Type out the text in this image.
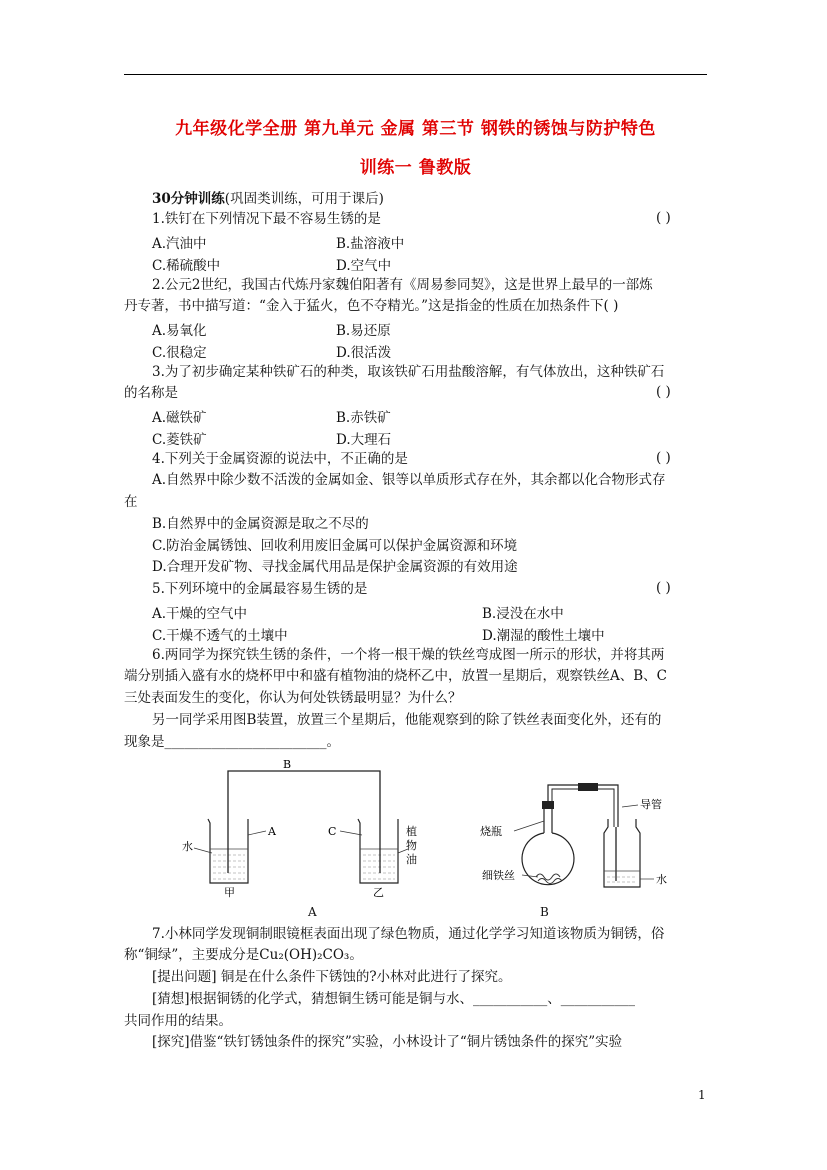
九年级化学全册 第九单元 金属 第三节 钢铁的锈蚀与防护特色
训练一 鲁教版
30分钟训练(巩固类训练，可用于课后)
1.铁钉在下列情况下最不容易生锈的是	( )
A.汽油中	B.盐溶液中
C.稀硫酸中	D.空气中
2.公元2世纪，我国古代炼丹家魏伯阳著有《周易参同契》，这是世界上最早的一部炼
丹专著，书中描写道：“金入于猛火，色不夺精光。”这是指金的性质在加热条件下( )
A.易氧化	B.易还原
C.很稳定	D.很活泼
3.为了初步确定某种铁矿石的种类，取该铁矿石用盐酸溶解，有气体放出，这种铁矿石
的名称是	( )
A.磁铁矿	B.赤铁矿
C.菱铁矿	D.大理石
4.下列关于金属资源的说法中，不正确的是	( )
A.自然界中除少数不活泼的金属如金、银等以单质形式存在外，其余都以化合物形式存
在
B.自然界中的金属资源是取之不尽的
C.防治金属锈蚀、回收利用废旧金属可以保护金属资源和环境
D.合理开发矿物、寻找金属代用品是保护金属资源的有效用途
5.下列环境中的金属最容易生锈的是	( )
A.干燥的空气中	B.浸没在水中
C.干燥不透气的土壤中	D.潮湿的酸性土壤中
6.两同学为探究铁生锈的条件，一个将一根干燥的铁丝弯成图一所示的形状，并将其两
端分别插入盛有水的烧杯甲中和盛有植物油的烧杯乙中，放置一星期后，观察铁丝A、B、C
三处表面发生的变化，你认为何处铁锈最明显？为什么？
另一同学采用图B装置，放置三个星期后，他能观察到的除了铁丝表面变化外，还有的
现象是________________________。
B
A
水
甲
C	植
物
油
乙
A
烧瓶
导管
细铁丝	水
B
7.小林同学发现铜制眼镜框表面出现了绿色物质，通过化学学习知道该物质为铜锈，俗
称“铜绿”，主要成分是Cu₂(OH)₂CO₃。
[提出问题] 铜是在什么条件下锈蚀的?小林对此进行了探究。
[猜想]根据铜锈的化学式，猜想铜生锈可能是铜与水、___________、___________
共同作用的结果。
[探究]借鉴“铁钉锈蚀条件的探究”实验，小林设计了“铜片锈蚀条件的探究”实验
1
